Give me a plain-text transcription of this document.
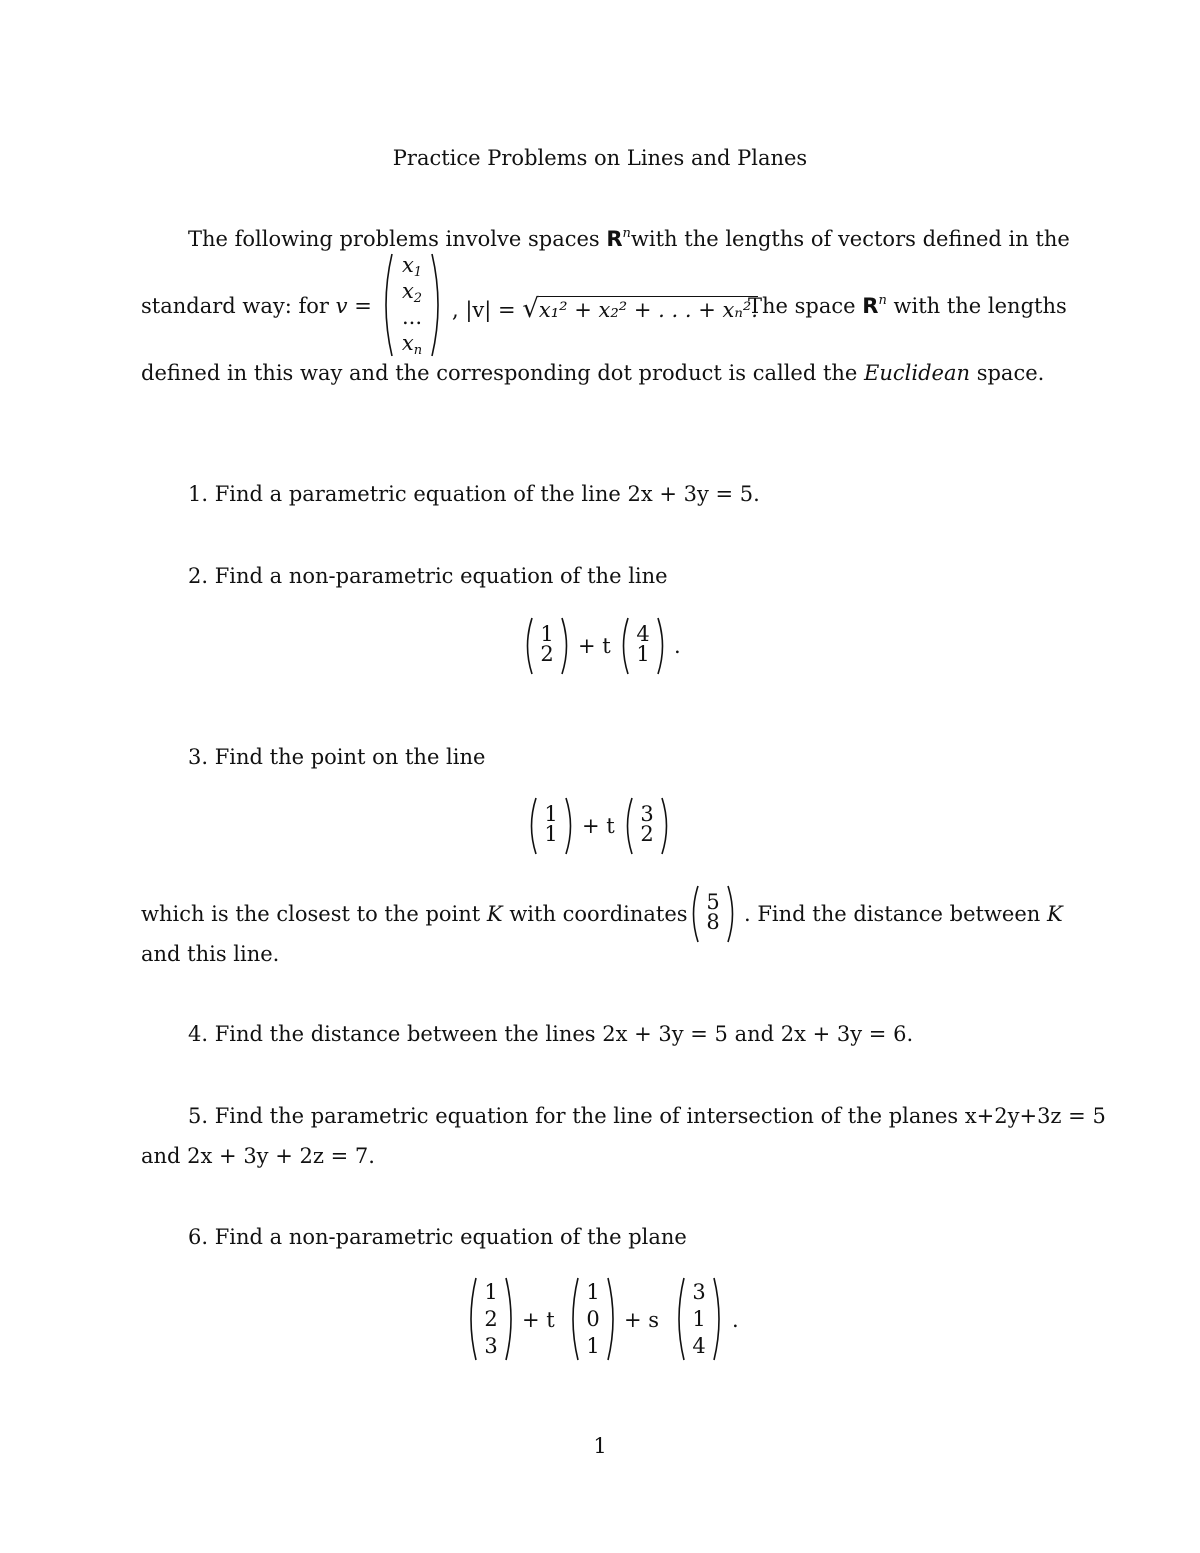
Practice Problems on Lines and Planes
The following problems involve spaces $R^n$ with the lengths of vectors defined in the
standard way: for v =
$x_1$
$x_2$
...
$x_n$
, |v| = √x₁² + x₂² + . . . + xₙ².
The space $R^n$ with the lengths
defined in this way and the corresponding dot product is called the Euclidean space.
1. Find a parametric equation of the line 2x + 3y = 5.
2. Find a non-parametric equation of the line
1
2	+ t	4
1	.
3. Find the point on the line
1
1	+ t	3
2
which is the closest to the point K with coordinates 5
8	. Find the distance between K
and this line.
4. Find the distance between the lines 2x + 3y = 5 and 2x + 3y = 6.
5. Find the parametric equation for the line of intersection of the planes x+2y+3z = 5
and 2x + 3y + 2z = 7.
6. Find a non-parametric equation of the plane
1
2
3
+ t
1
0
1
+ s
3
1
4
.
1
